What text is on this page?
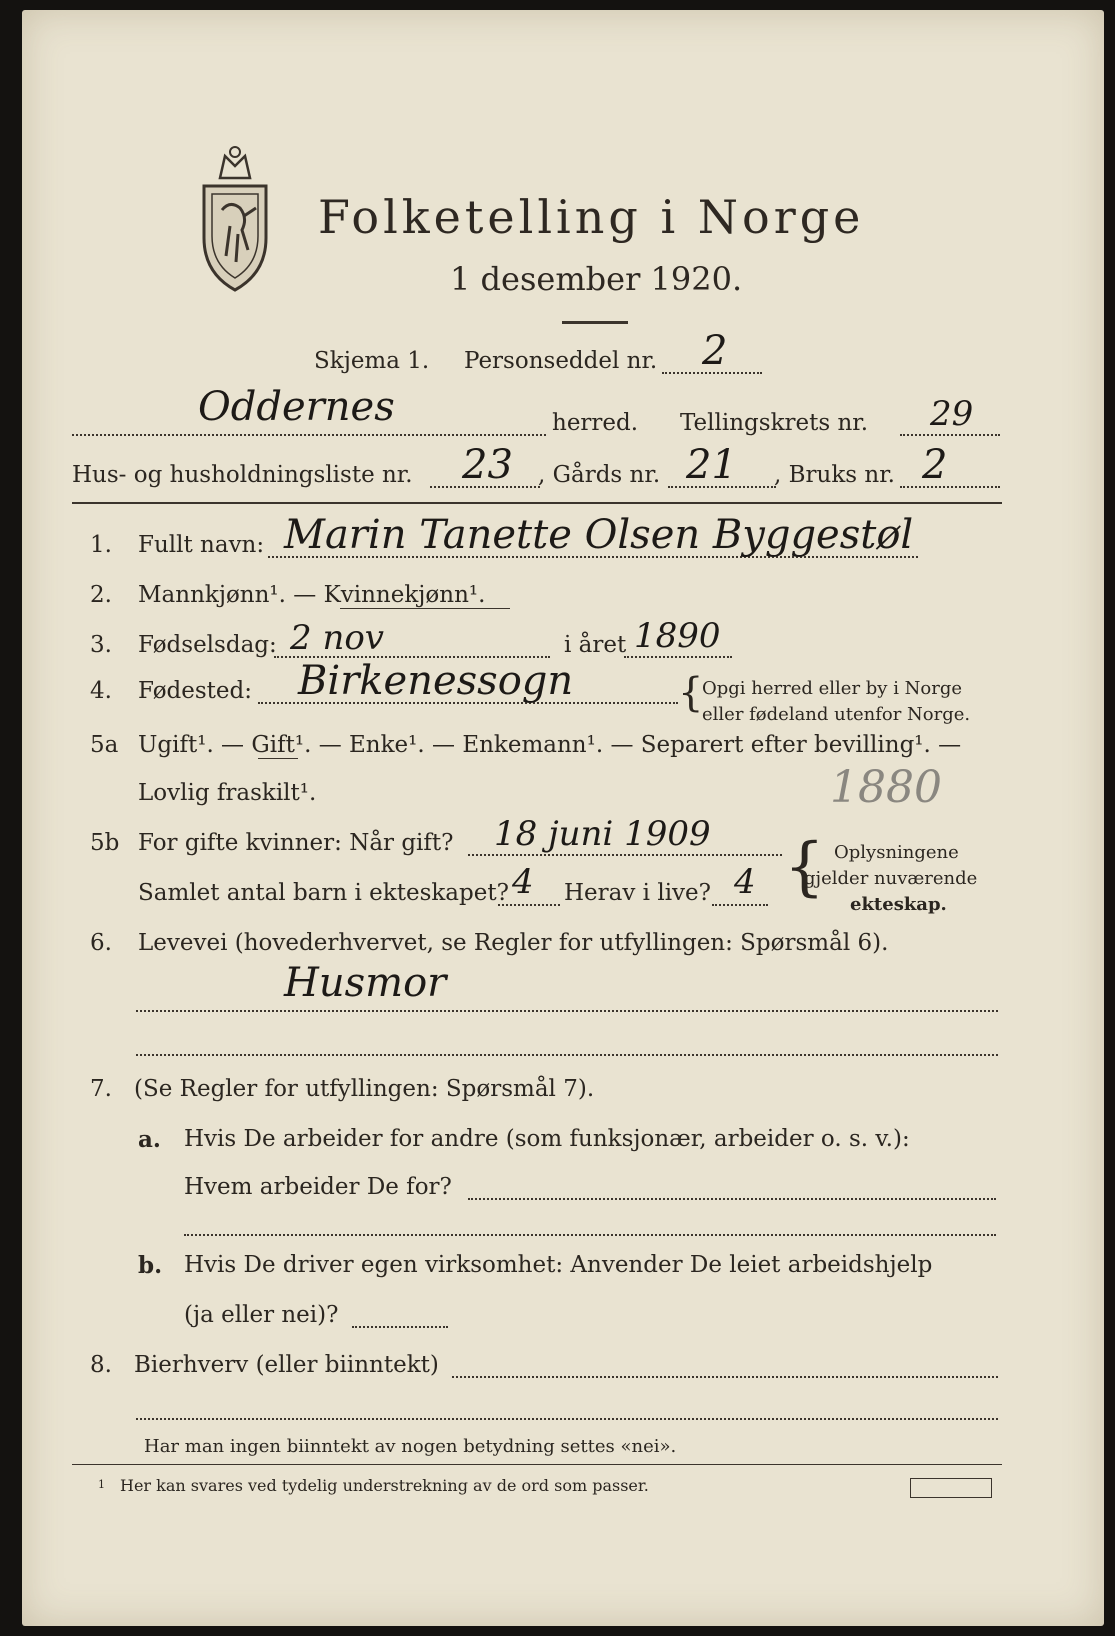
Folketelling i Norge
1 desember 1920.
Skjema 1. Personseddel nr. 2
Oddernes	herred. Tellingskrets nr. 29
Hus- og husholdningsliste nr. 23 , Gårds nr. 21 , Bruks nr. 2
1. Fullt navn: Marin Tanette Olsen Byggestøl
2. Mannkjønn¹. — Kvinnekjønn¹.
3. Fødselsdag: 2 nov	i året 1890
4. Fødested: Birkenessogn	{
Opgi herred eller by i Norge
eller fødeland utenfor Norge.
5a Ugift¹. — Gift¹. — Enke¹. — Enkemann¹. — Separert efter bevilling¹. —
Lovlig fraskilt¹.	1880
5b For gifte kvinner: Når gift? 18 juni 1909
Samlet antal barn i ekteskapet? 4 Herav i live? 4 { Oplysningene
gjelder nuværende
ekteskap.
6. Levevei (hovederhvervet, se Regler for utfyllingen: Spørsmål 6).
Husmor
7. (Se Regler for utfyllingen: Spørsmål 7).
a. Hvis De arbeider for andre (som funksjonær, arbeider o. s. v.):
Hvem arbeider De for?
b. Hvis De driver egen virksomhet: Anvender De leiet arbeidshjelp
(ja eller nei)?
8. Bierhverv (eller biinntekt)
Har man ingen biinntekt av nogen betydning settes «nei».
1 Her kan svares ved tydelig understrekning av de ord som passer.
